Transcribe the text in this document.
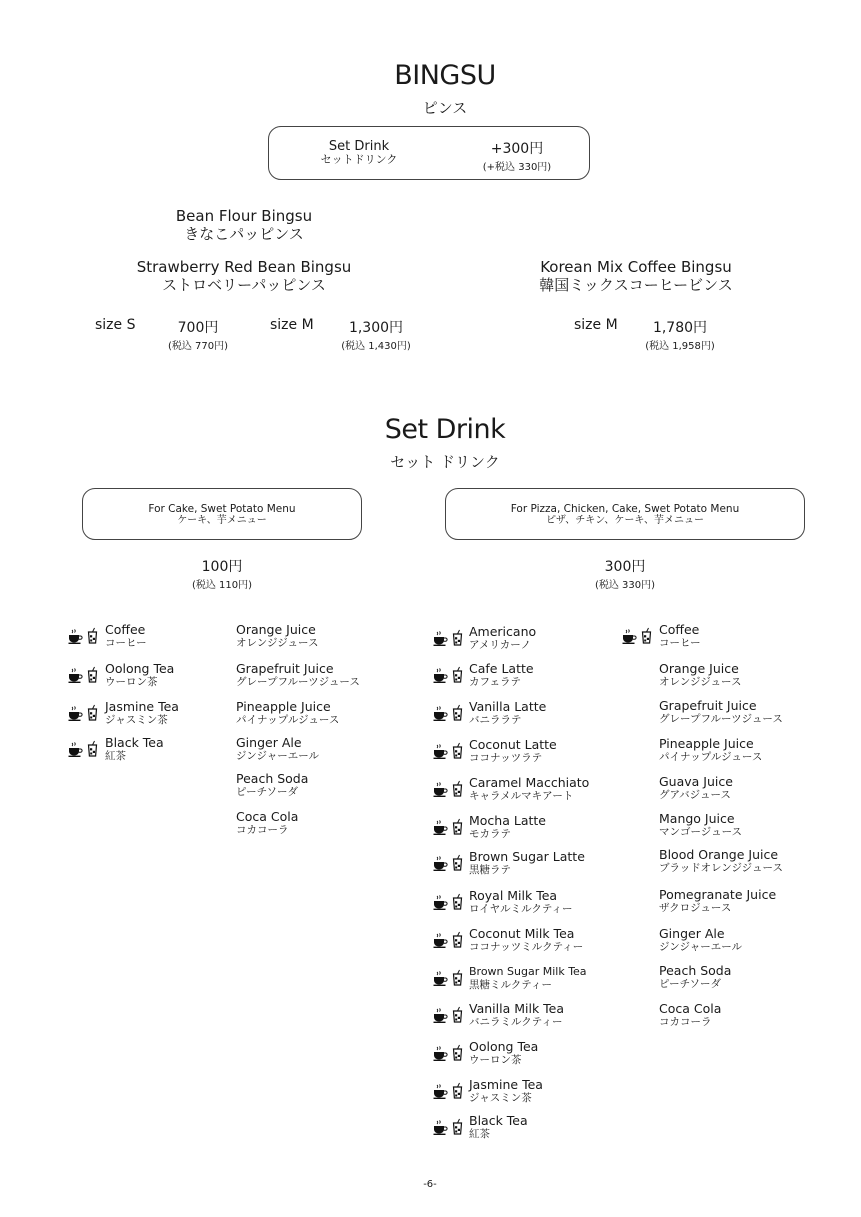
BINGSU
ピンス
Set Drink
セットドリンク
+300円
(+税込 330円)
Bean Flour Bingsu
きなこパッピンス
Strawberry Red Bean Bingsu
ストロベリーパッピンス
Korean Mix Coffee Bingsu
韓国ミックスコーヒービンス
size S	700円
(税込 770円)
size M	1,300円
(税込 1,430円)
size M	1,780円
(税込 1,958円)
Set Drink
セット ドリンク
For Cake, Swet Potato Menu
ケーキ、芋メニュー
For Pizza, Chicken, Cake, Swet Potato Menu
ピザ、チキン、ケーキ、芋メニュー
100円
(税込 110円)
300円
(税込 330円)
Coffee
コーヒー
Oolong Tea
ウーロン茶
Jasmine Tea
ジャスミン茶
Black Tea
紅茶
Orange Juice
オレンジジュース
Grapefruit Juice
グレープフルーツジュース
Pineapple Juice
パイナップルジュース
Ginger Ale
ジンジャーエール
Peach Soda
ピーチソーダ
Coca Cola
コカコーラ
Americano
アメリカーノ
Cafe Latte
カフェラテ
Vanilla Latte
バニララテ
Coconut Latte
ココナッツラテ
Caramel Macchiato
キャラメルマキアート
Mocha Latte
モカラテ
Brown Sugar Latte
黒糖ラテ
Royal Milk Tea
ロイヤルミルクティー
Coconut Milk Tea
ココナッツミルクティー
Brown Sugar Milk Tea
黒糖ミルクティー
Vanilla Milk Tea
バニラミルクティー
Oolong Tea
ウーロン茶
Jasmine Tea
ジャスミン茶
Black Tea
紅茶
Coffee
コーヒー
Orange Juice
オレンジジュース
Grapefruit Juice
グレープフルーツジュース
Pineapple Juice
パイナップルジュース
Guava Juice
グアバジュース
Mango Juice
マンゴージュース
Blood Orange Juice
ブラッドオレンジジュース
Pomegranate Juice
ザクロジュース
Ginger Ale
ジンジャーエール
Peach Soda
ピーチソーダ
Coca Cola
コカコーラ
-6-
